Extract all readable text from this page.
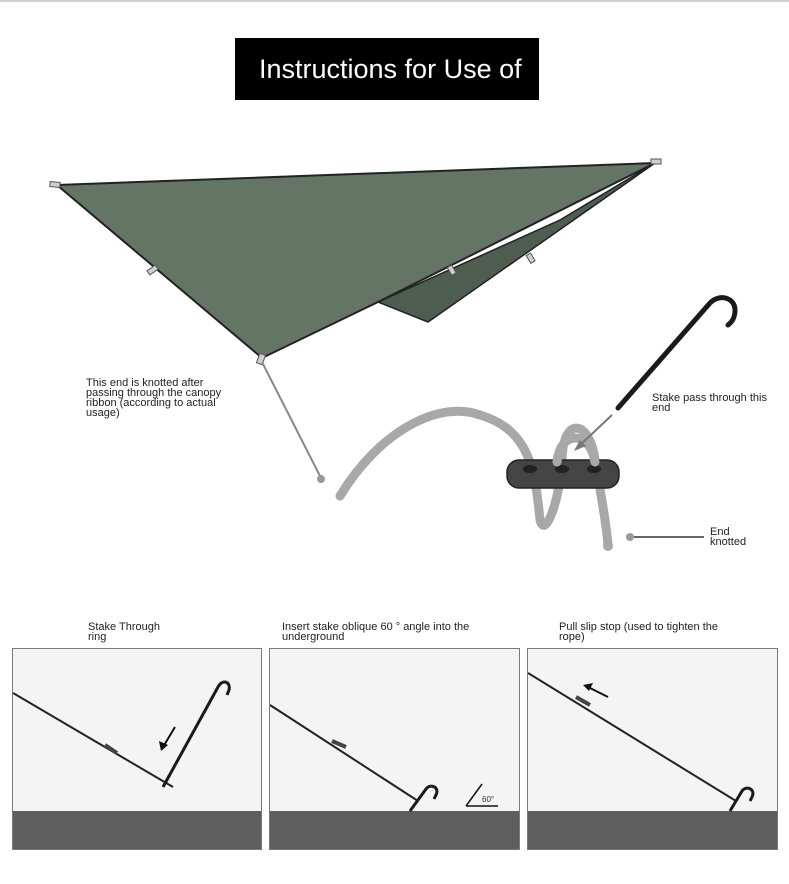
Instructions for Use of
This end is knotted after
passing through the canopy
ribbon (according to actual
usage)
Stake pass through this
end
End
knotted
Stake Through
ring
Insert stake oblique 60 ° angle into the
underground
Pull slip stop (used to tighten the
rope)
60°
